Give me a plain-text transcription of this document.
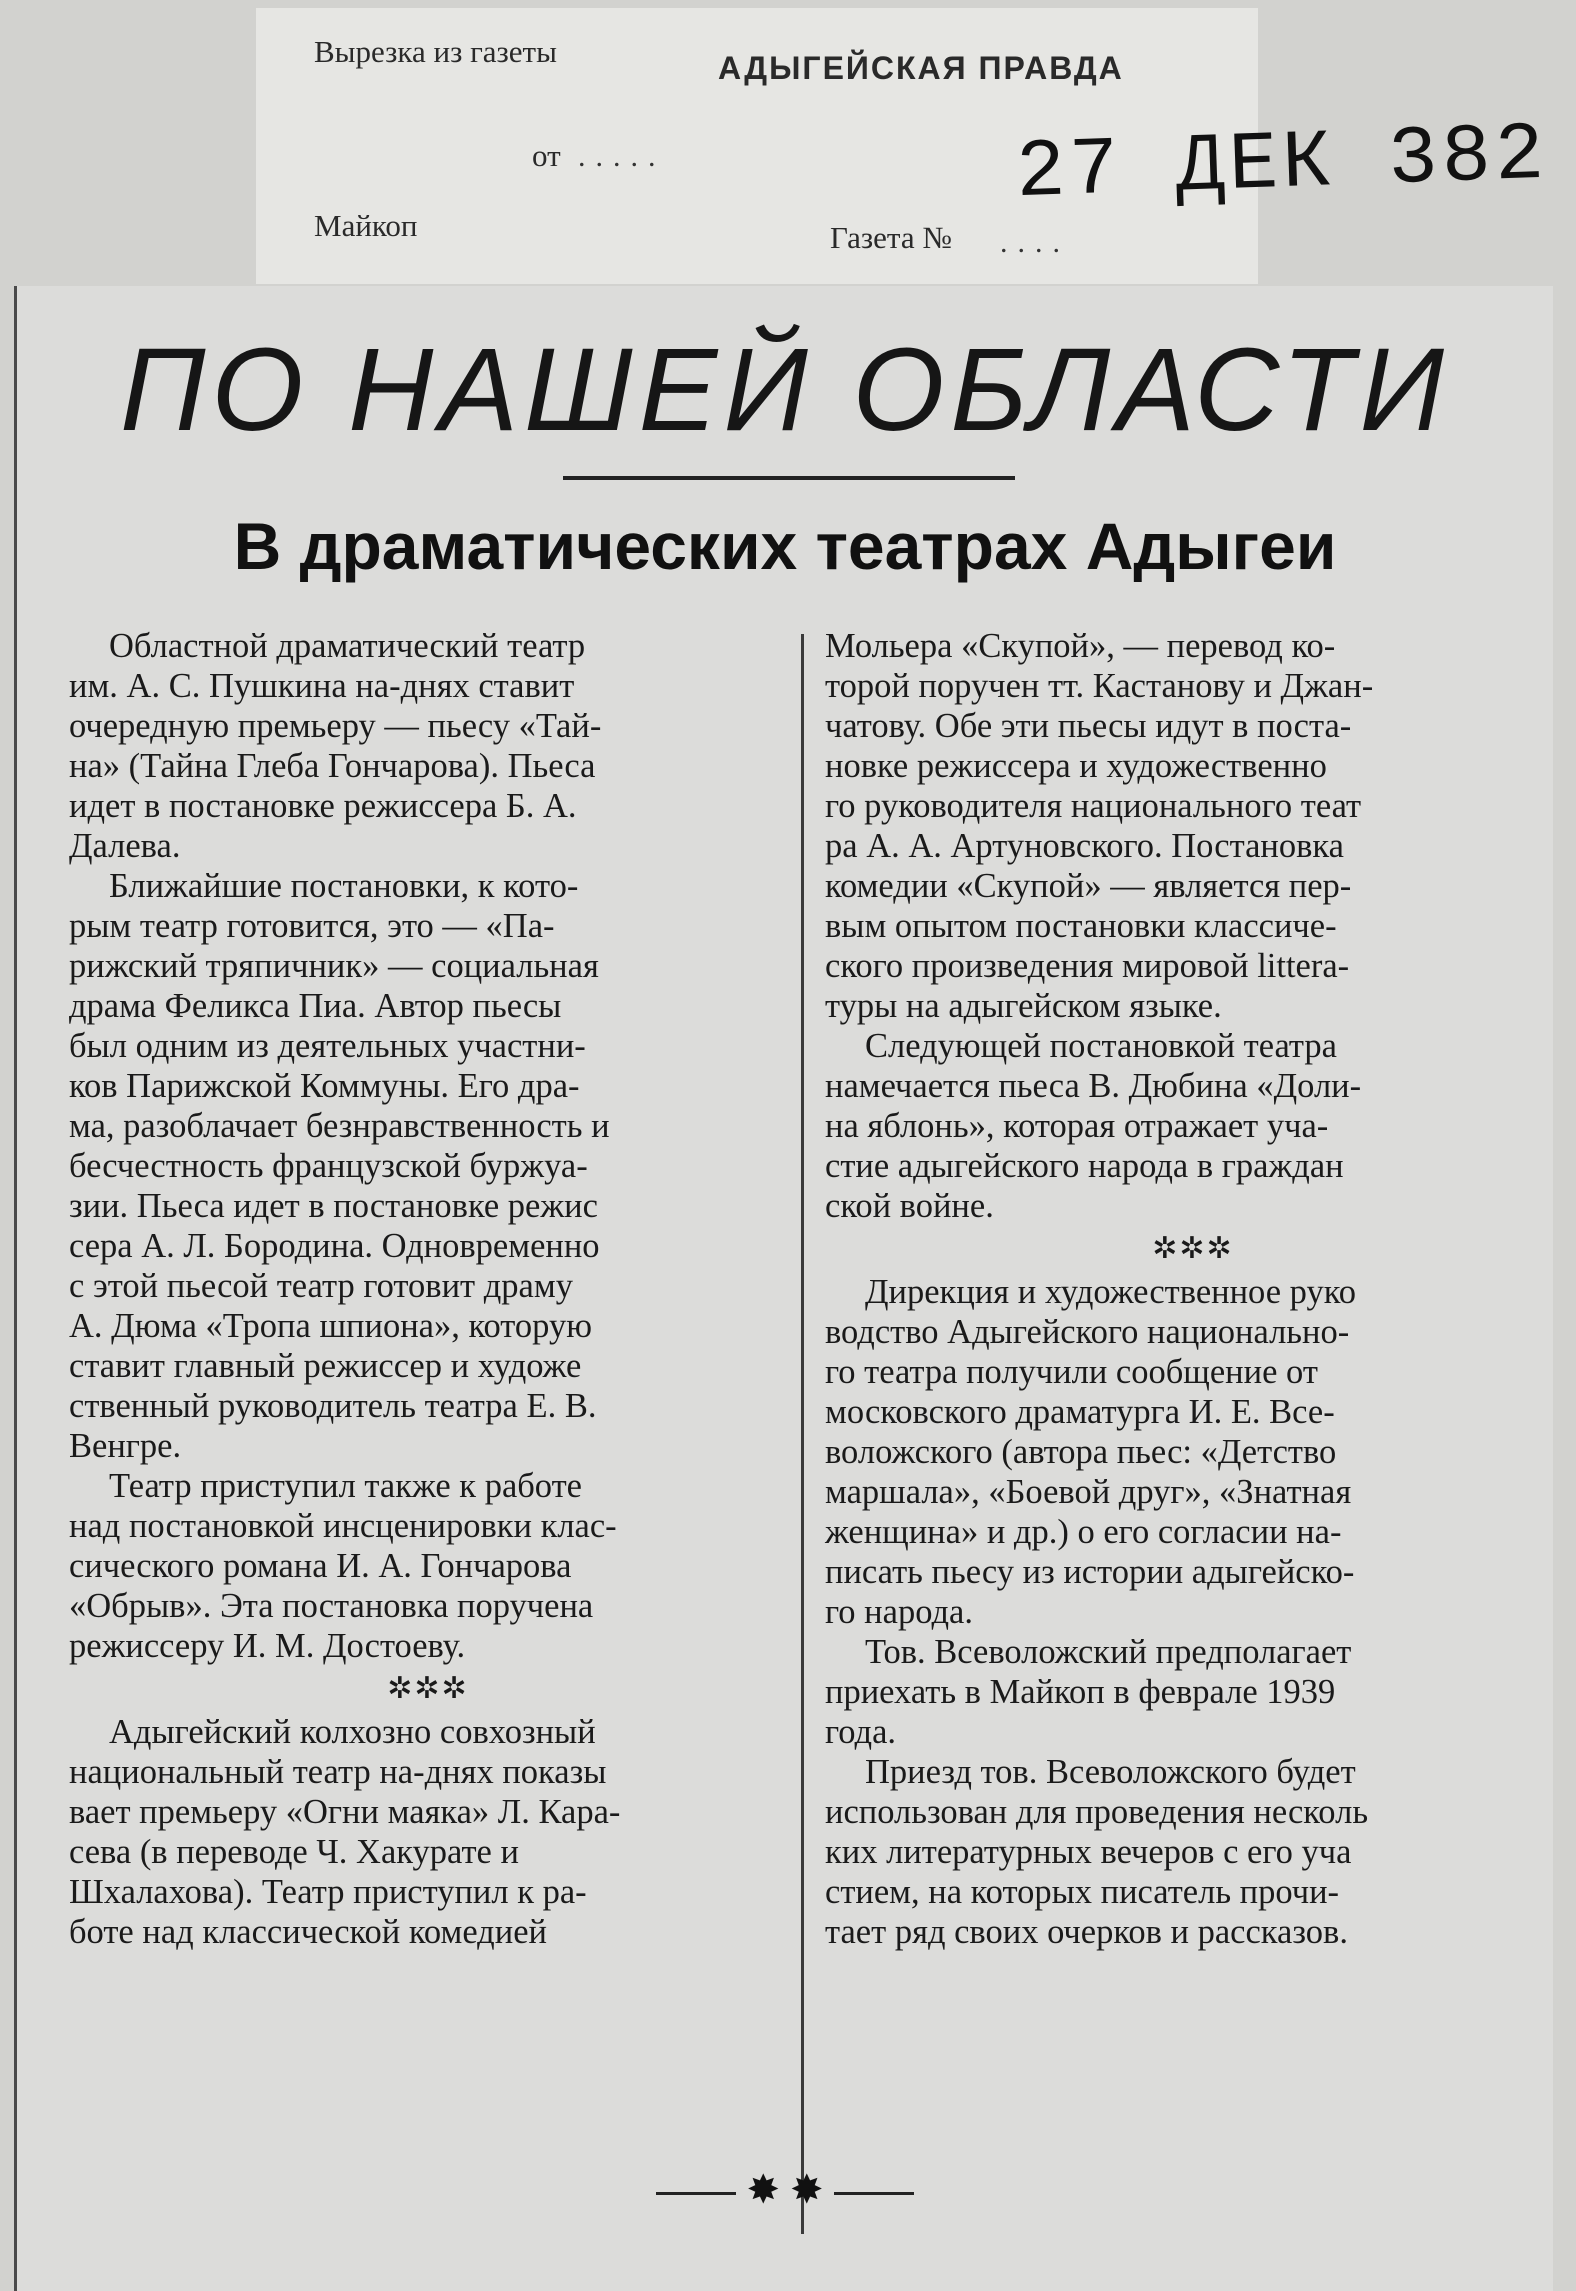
Вырезка из газеты	АДЫГЕЙСКАЯ ПРАВДА
от .....	27 ДЕК 382
Майкоп	Газета № ....
ПО НАШЕЙ ОБЛАСТИ
В драматических театрах Адыгеи
Областной драматический театр
им. А. С. Пушкина на-днях ставит
очередную премьеру — пьесу «Тай-
на» (Тайна Глеба Гончарова). Пьеса
идет в постановке режиссера Б. А.
Далева.
Ближайшие постановки, к кото-
рым театр готовится, это — «Па-
рижский тряпичник» — социальная
драма Феликса Пиа. Автор пьесы
был одним из деятельных участни-
ков Парижской Коммуны. Его дра-
ма, разоблачает безнравственность и
бесчестность французской буржуа-
зии. Пьеса идет в постановке режис
сера А. Л. Бородина. Одновременно
с этой пьесой театр готовит драму
А. Дюма «Тропа шпиона», которую
ставит главный режиссер и художе
ственный руководитель театра Е. В.
Венгре.
Театр приступил также к работе
над постановкой инсценировки клас-
сического романа И. А. Гончарова
«Обрыв». Эта постановка поручена
режиссеру И. М. Достоеву.
✲✲✲
Адыгейский колхозно совхозный
национальный театр на-днях показы
вает премьеру «Огни маяка» Л. Кара-
сева (в переводе Ч. Хакурате и
Шхалахова). Театр приступил к ра-
боте над классической комедией
Мольера «Скупой», — перевод ко-
торой поручен тт. Кастанову и Джан-
чатову. Обе эти пьесы идут в поста-
новке режиссера и художественно
го руководителя национального теат
ра А. А. Артуновского. Постановка
комедии «Скупой» — является пер-
вым опытом постановки классиче-
ского произведения мировой littera-
туры на адыгейском языке.
Следующей постановкой театра
намечается пьеса В. Дюбина «Доли-
на яблонь», которая отражает уча-
стие адыгейского народа в граждан
ской войне.
✲✲✲
Дирекция и художественное руко
водство Адыгейского национально-
го театра получили сообщение от
московского драматурга И. Е. Все-
воложского (автора пьес: «Детство
маршала», «Боевой друг», «Знатная
женщина» и др.) о его согласии на-
писать пьесу из истории адыгейско-
го народа.
Тов. Всеволожский предполагает
приехать в Майкоп в феврале 1939
года.
Приезд тов. Всеволожского будет
использован для проведения несколь
ких литературных вечеров с его уча
стием, на которых писатель прочи-
тает ряд своих очерков и рассказов.
✸ ✸
